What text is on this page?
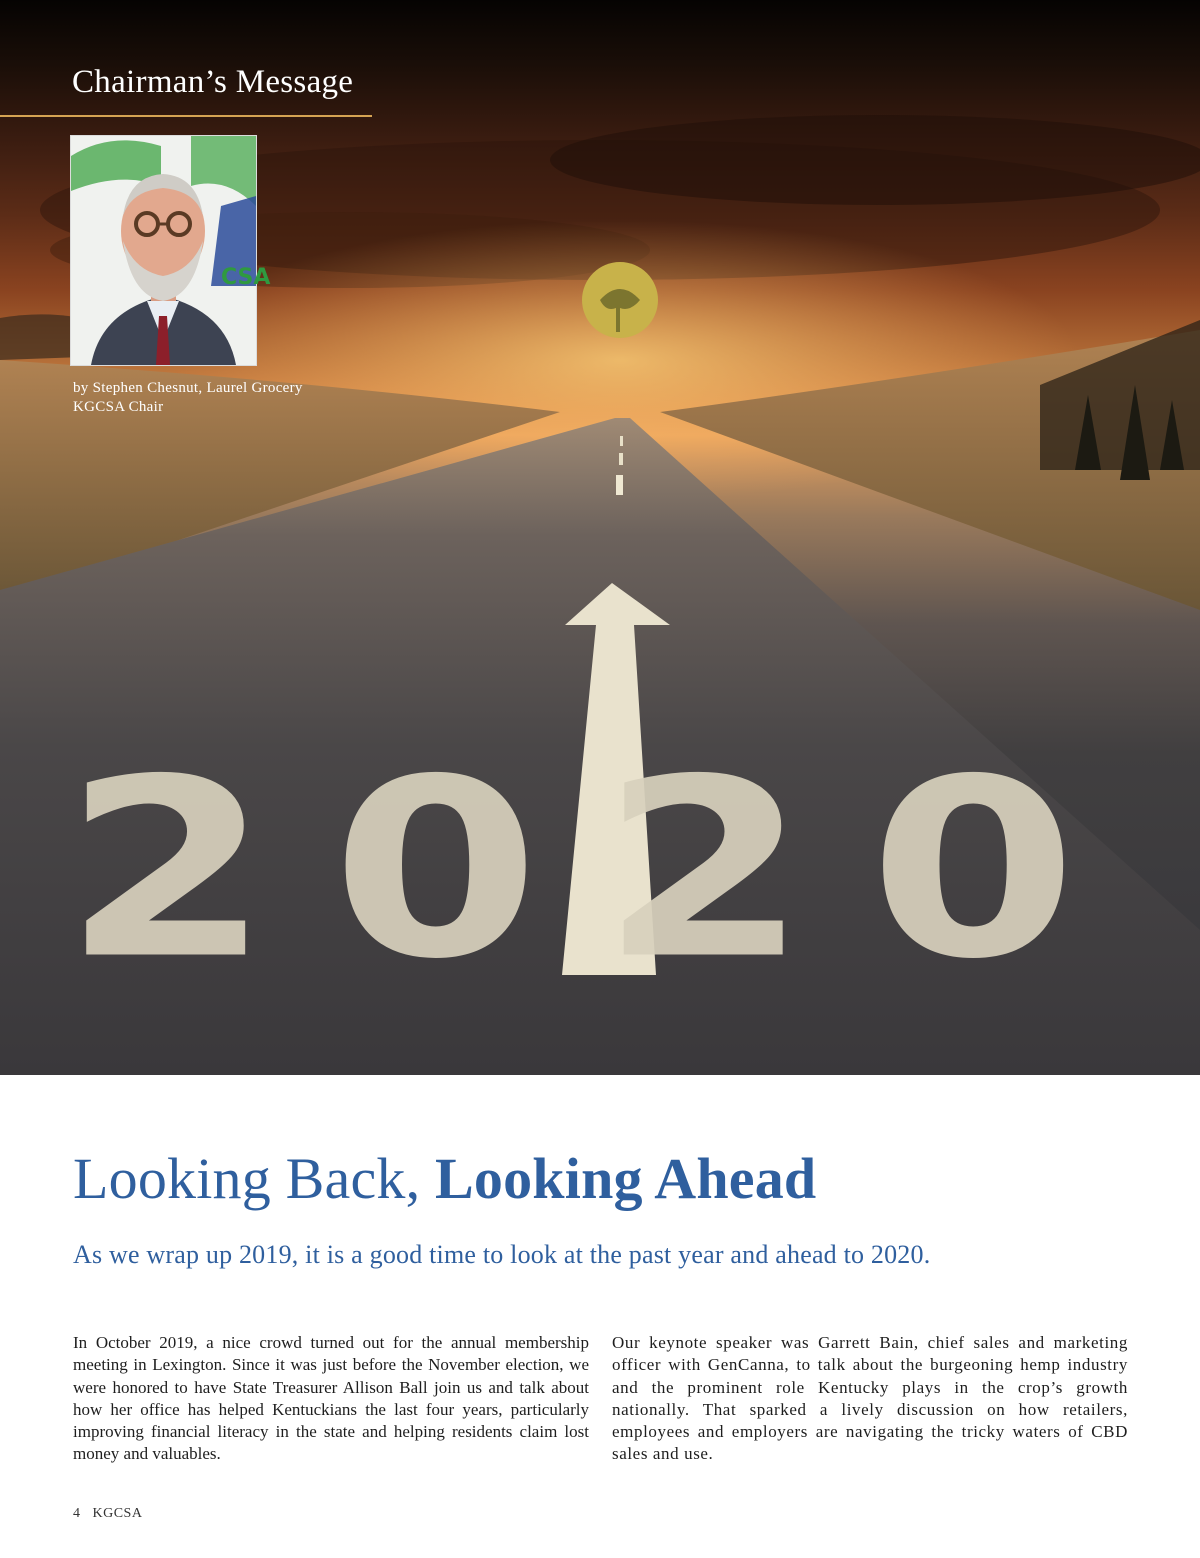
2020
Chairman’s Message
CSA
by Stephen Chesnut, Laurel Grocery
KGCSA Chair
Looking Back, Looking Ahead

As we wrap up 2019, it is a good time to look at the past year and ahead to 2020.

In October 2019, a nice crowd turned out for the annual membership meeting in Lexington. Since it was just before the November election, we were honored to have State Treasurer Allison Ball join us and talk about how her office has helped Kentuckians the last four years, particularly improving financial literacy in the state and helping residents claim lost money and valuables.

Our keynote speaker was Garrett Bain, chief sales and marketing officer with GenCanna, to talk about the burgeoning hemp industry and the prominent role Kentucky plays in the crop’s growth nationally. That sparked a lively discussion on how retailers, employees and employers are navigating the tricky waters of CBD sales and use.

4 KGCSA
